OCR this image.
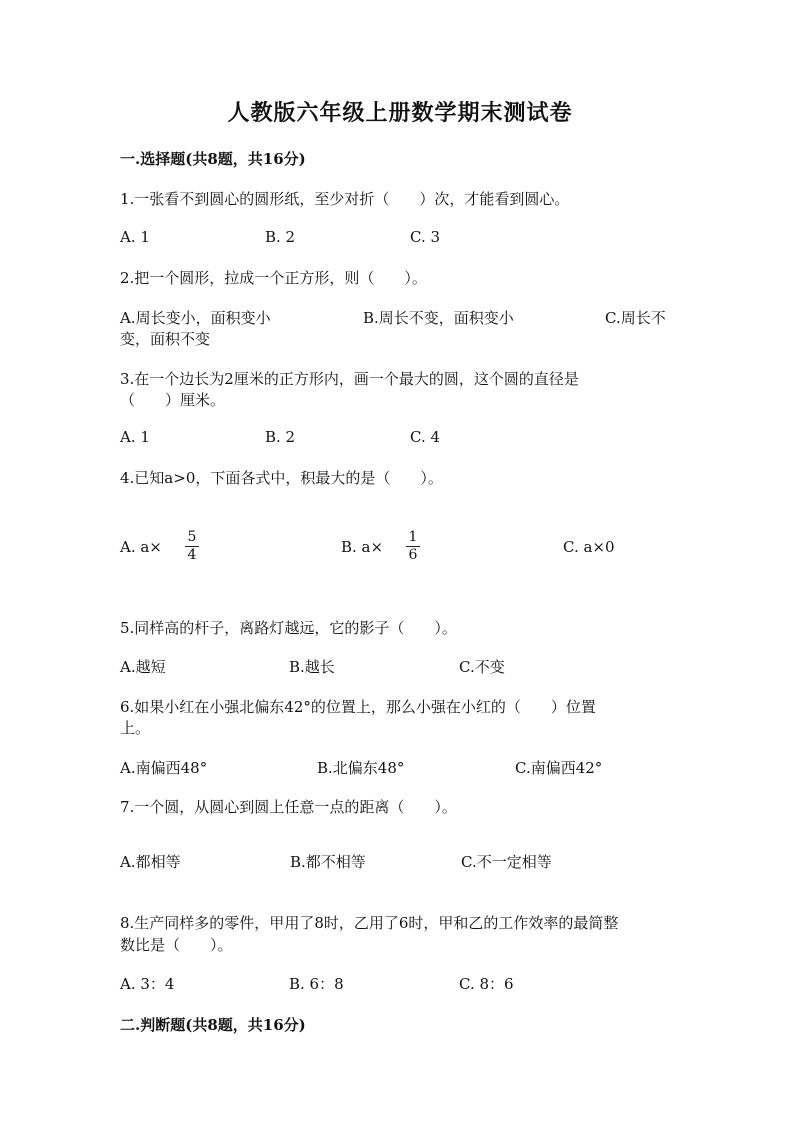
人教版六年级上册数学期末测试卷
一.选择题(共8题，共16分)
1.一张看不到圆心的圆形纸，至少对折（　　）次，才能看到圆心。
A. 1	B. 2	C. 3
2.把一个圆形，拉成一个正方形，则（　　）。
A.周长变小，面积变小	B.周长不变，面积变小	C.周长不
变，面积不变
3.在一个边长为2厘米的正方形内，画一个最大的圆，这个圆的直径是
（　　）厘米。
A. 1	B. 2	C. 4
4.已知a>0，下面各式中，积最大的是（　　）。
A. a×
5
4	B. a×
1
6	C. a×0
5.同样高的杆子，离路灯越远，它的影子（　　）。
A.越短	B.越长	C.不变
6.如果小红在小强北偏东42°的位置上，那么小强在小红的（　　）位置
上。
A.南偏西48°	B.北偏东48°	C.南偏西42°
7.一个圆，从圆心到圆上任意一点的距离（　　）。
A.都相等	B.都不相等	C.不一定相等
8.生产同样多的零件，甲用了8时，乙用了6时，甲和乙的工作效率的最简整
数比是（　　）。
A. 3：4	B. 6：8	C. 8：6
二.判断题(共8题，共16分)
